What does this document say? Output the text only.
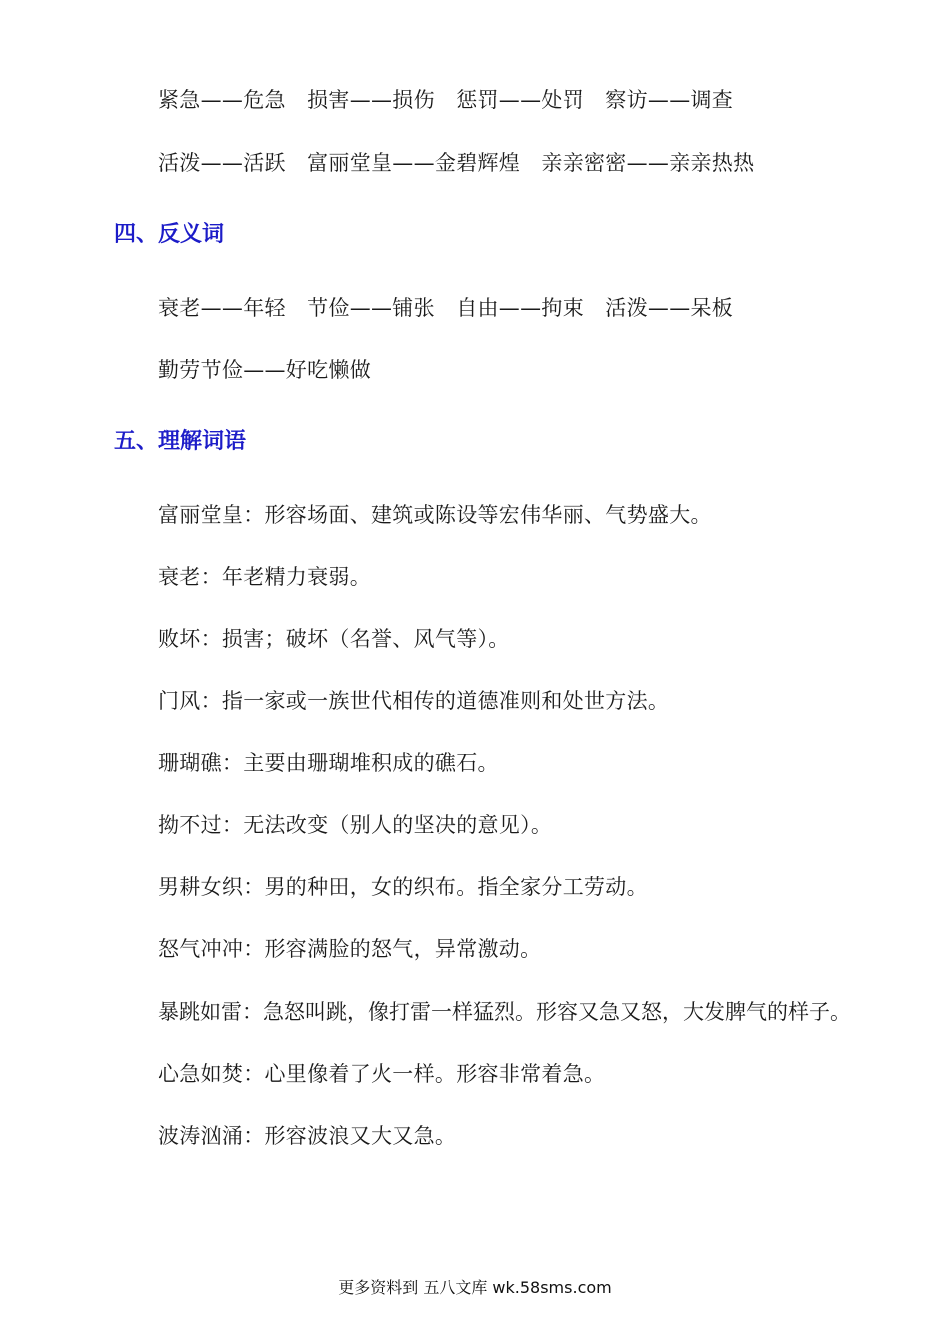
紧急——危急　损害——损伤　惩罚——处罚　察访——调查
活泼——活跃　富丽堂皇——金碧辉煌　亲亲密密——亲亲热热
四、反义词
衰老——年轻　节俭——铺张　自由——拘束　活泼——呆板
勤劳节俭——好吃懒做
五、理解词语
富丽堂皇：形容场面、建筑或陈设等宏伟华丽、气势盛大。
衰老：年老精力衰弱。
败坏：损害；破坏（名誉、风气等）。
门风：指一家或一族世代相传的道德准则和处世方法。
珊瑚礁：主要由珊瑚堆积成的礁石。
拗不过：无法改变（别人的坚决的意见）。
男耕女织：男的种田，女的织布。指全家分工劳动。
怒气冲冲：形容满脸的怒气，异常激动。
暴跳如雷：急怒叫跳，像打雷一样猛烈。形容又急又怒，大发脾气的样子。
心急如焚：心里像着了火一样。形容非常着急。
波涛汹涌：形容波浪又大又急。
更多资料到 五八文库 wk.58sms.com
